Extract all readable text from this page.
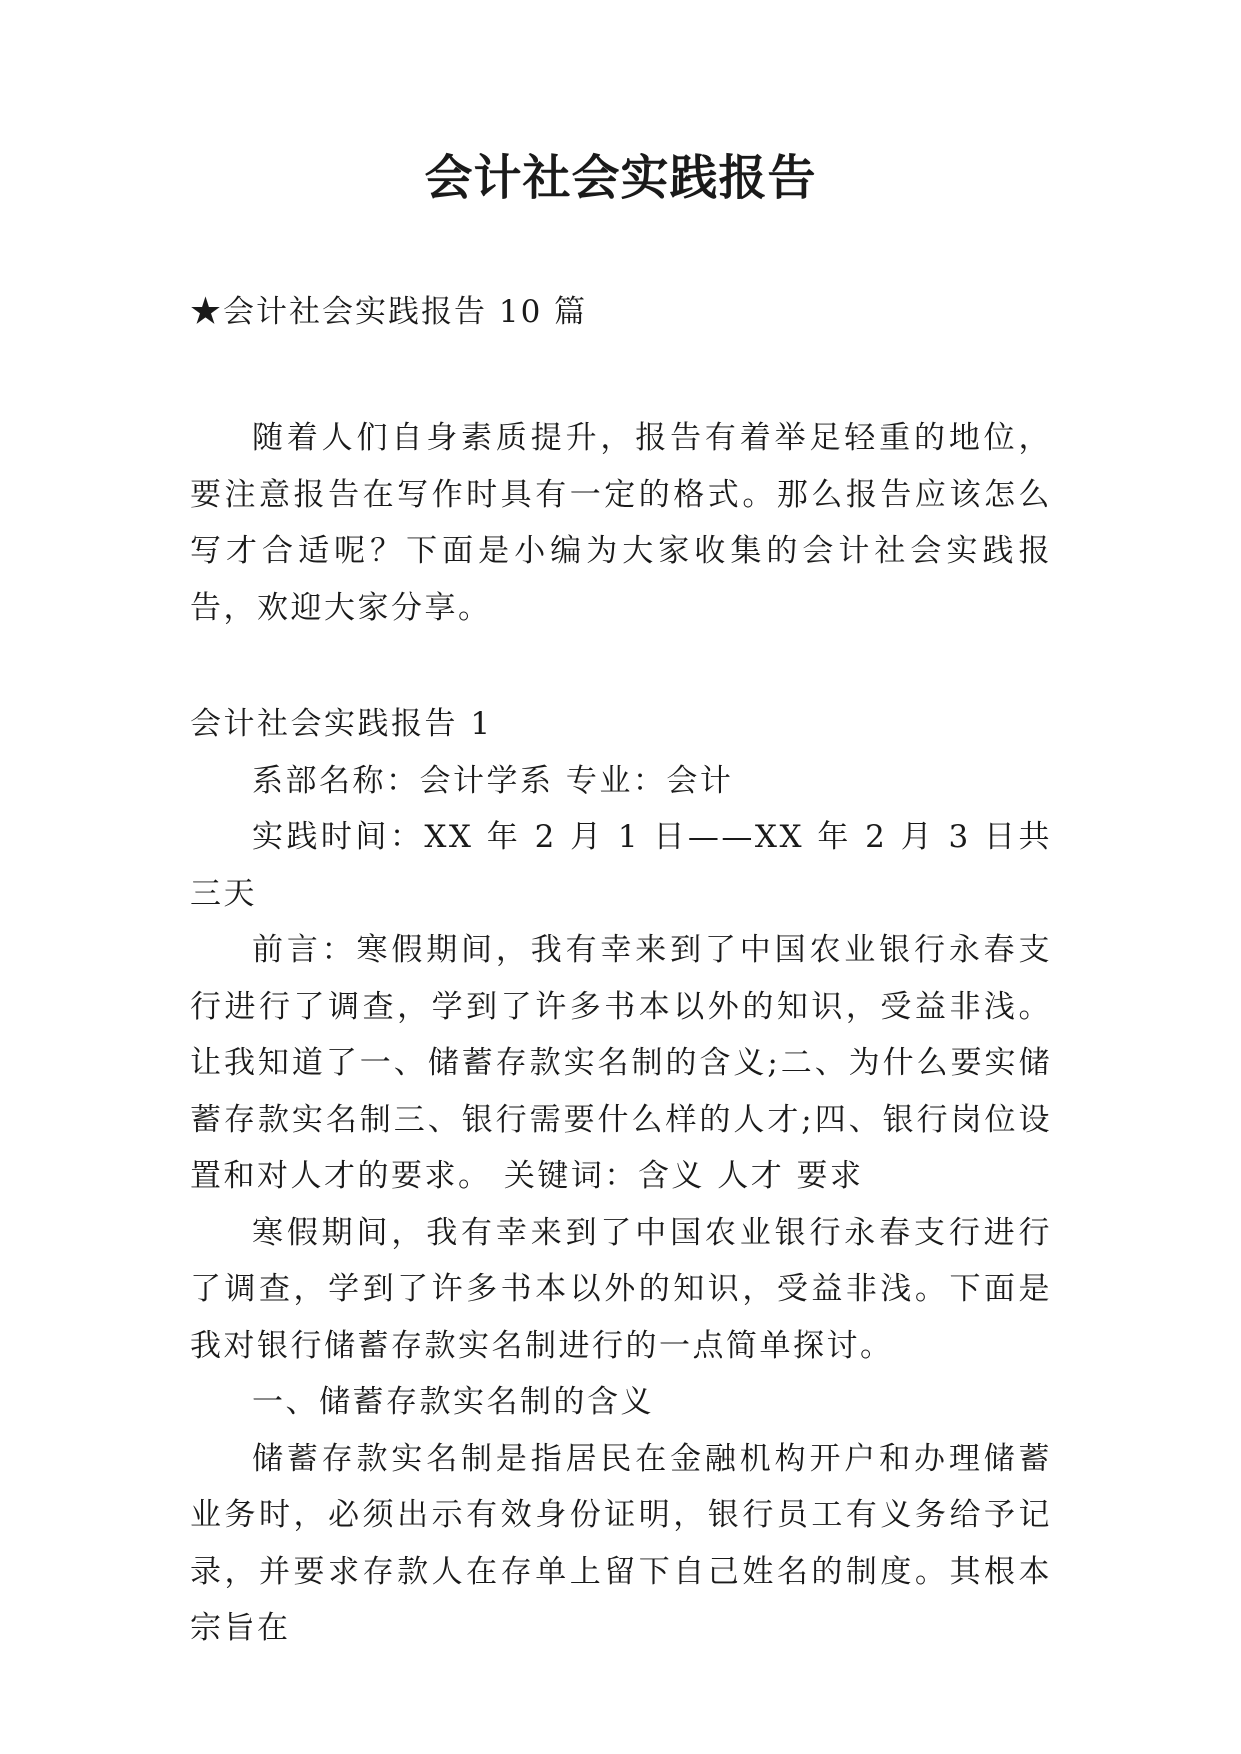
会计社会实践报告
★会计社会实践报告 10 篇

随着人们自身素质提升，报告有着举足轻重的地位，要注意报告在写作时具有一定的格式。那么报告应该怎么写才合适呢？下面是小编为大家收集的会计社会实践报告，欢迎大家分享。

会计社会实践报告 1

系部名称：会计学系 专业：会计

实践时间：XX 年 2 月 1 日——XX 年 2 月 3 日共三天

前言：寒假期间，我有幸来到了中国农业银行永春支行进行了调查，学到了许多书本以外的知识，受益非浅。让我知道了一、储蓄存款实名制的含义;二、为什么要实储蓄存款实名制三、银行需要什么样的人才;四、银行岗位设置和对人才的要求。 关键词：含义 人才 要求

寒假期间，我有幸来到了中国农业银行永春支行进行了调查，学到了许多书本以外的知识，受益非浅。下面是我对银行储蓄存款实名制进行的一点简单探讨。

一、储蓄存款实名制的含义

储蓄存款实名制是指居民在金融机构开户和办理储蓄业务时，必须出示有效身份证明，银行员工有义务给予记录，并要求存款人在存单上留下自己姓名的制度。其根本宗旨在
